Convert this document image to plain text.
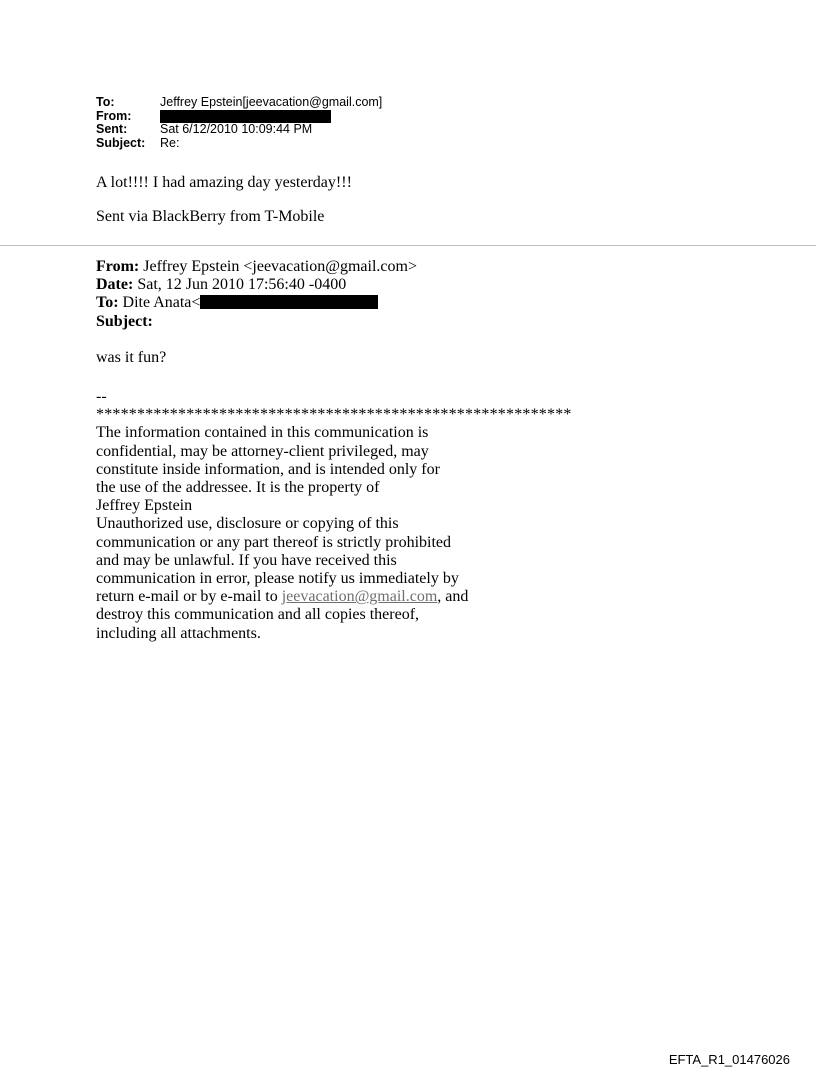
To:	Jeffrey Epstein[jeevacation@gmail.com]
From:
Sent:	Sat 6/12/2010 10:09:44 PM
Subject:	Re:
A lot!!!! I had amazing day yesterday!!!
Sent via BlackBerry from T-Mobile
From: Jeffrey Epstein <jeevacation@gmail.com>
Date: Sat, 12 Jun 2010 17:56:40 -0400
To: Dite Anata<
Subject:
was it fun?
--
**********************************************************
The information contained in this communication is
confidential, may be attorney-client privileged, may
constitute inside information, and is intended only for
the use of the addressee. It is the property of
Jeffrey Epstein
Unauthorized use, disclosure or copying of this
communication or any part thereof is strictly prohibited
and may be unlawful. If you have received this
communication in error, please notify us immediately by
return e-mail or by e-mail to jeevacation@gmail.com, and
destroy this communication and all copies thereof,
including all attachments.
EFTA_R1_01476026
